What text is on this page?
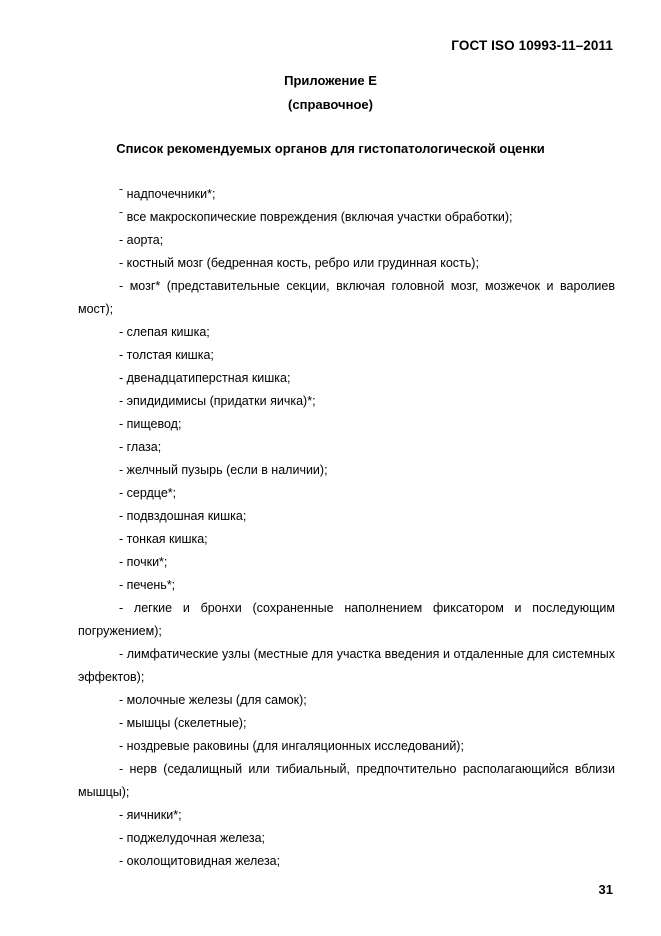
ГОСТ ISO 10993-11–2011
Приложение Е
(справочное)
Список рекомендуемых органов для гистопатологической оценки
ˉ надпочечники*;
ˉ все макроскопические повреждения (включая участки обработки);
- аорта;
- костный мозг (бедренная кость, ребро или грудинная кость);
- мозг* (представительные секции, включая головной мозг, мозжечок и варолиев мост);
- слепая кишка;
- толстая кишка;
- двенадцатиперстная кишка;
- эпидидимисы (придатки яичка)*;
- пищевод;
- глаза;
- желчный пузырь (если в наличии);
- сердце*;
- подвздошная кишка;
- тонкая кишка;
- почки*;
- печень*;
- легкие и бронхи (сохраненные наполнением фиксатором и последующим погружением);
- лимфатические узлы (местные для участка введения и отдаленные для системных эффектов);
- молочные железы (для самок);
- мышцы (скелетные);
- ноздревые раковины (для ингаляционных исследований);
- нерв (седалищный или тибиальный, предпочтительно располагающийся вблизи мышцы);
- яичники*;
- поджелудочная железа;
- околощитовидная железа;
31
